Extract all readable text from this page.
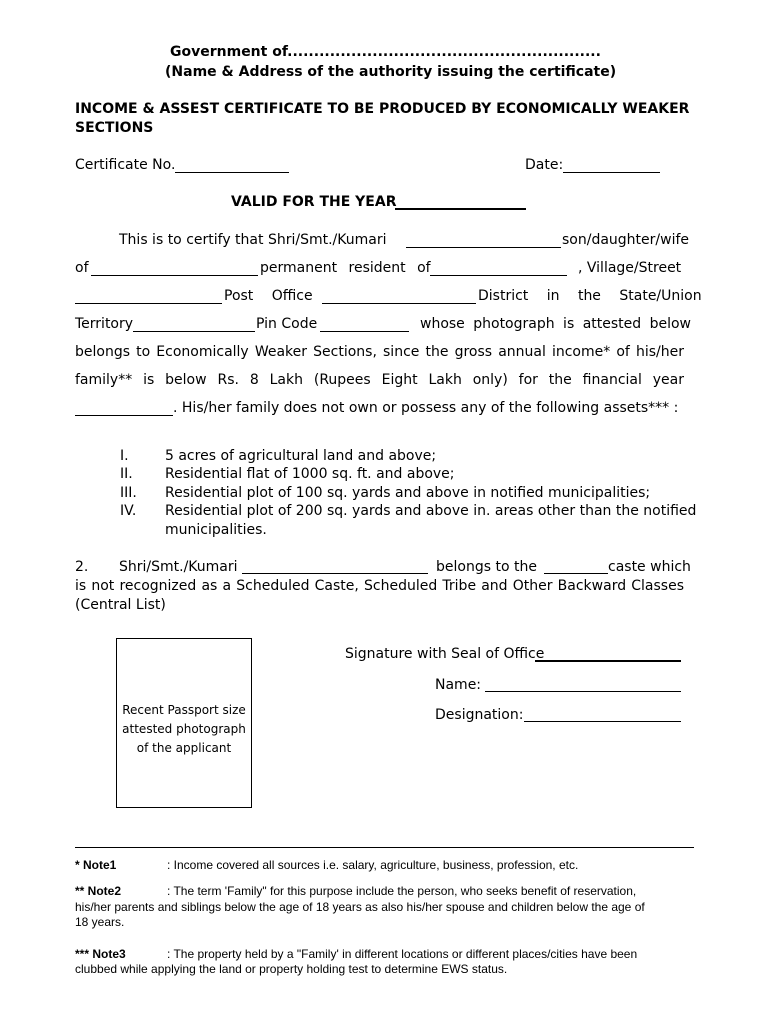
Government of...........................................................
(Name & Address of the authority issuing the certificate)
INCOME & ASSEST CERTIFICATE TO BE PRODUCED BY ECONOMICALLY WEAKER
SECTIONS
Certificate No.	Date:
VALID FOR THE YEAR
This is to certify that Shri/Smt./Kumari	son/daughter/wife
of	permanent resident of	, Village/Street
Post Office	District in the State/Union
Territory	Pin Code	whose photograph is attested below
belongs to Economically Weaker Sections, since the gross annual income* of his/her
family** is below Rs. 8 Lakh (Rupees Eight Lakh only) for the financial year
. His/her family does not own or possess any of the following assets*** :
I.	5 acres of agricultural land and above;
II. Residential flat of 1000 sq. ft. and above;
III. Residential plot of 100 sq. yards and above in notified municipalities;
IV. Residential plot of 200 sq. yards and above in. areas other than the notified
municipalities.
2. Shri/Smt./Kumari	belongs to the	caste which
is not recognized as a Scheduled Caste, Scheduled Tribe and Other Backward Classes
(Central List)
Recent Passport size
attested photograph
of the applicant
Signature with Seal of Office
Name:
Designation:
* Note1	: Income covered all sources i.e. salary, agriculture, business, profession, etc.
** Note2	: The term 'Family" for this purpose include the person, who seeks benefit of reservation,
his/her parents and siblings below the age of 18 years as also his/her spouse and children below the age of
18 years.
*** Note3	: The property held by a "Family' in different locations or different places/cities have been
clubbed while applying the land or property holding test to determine EWS status.
